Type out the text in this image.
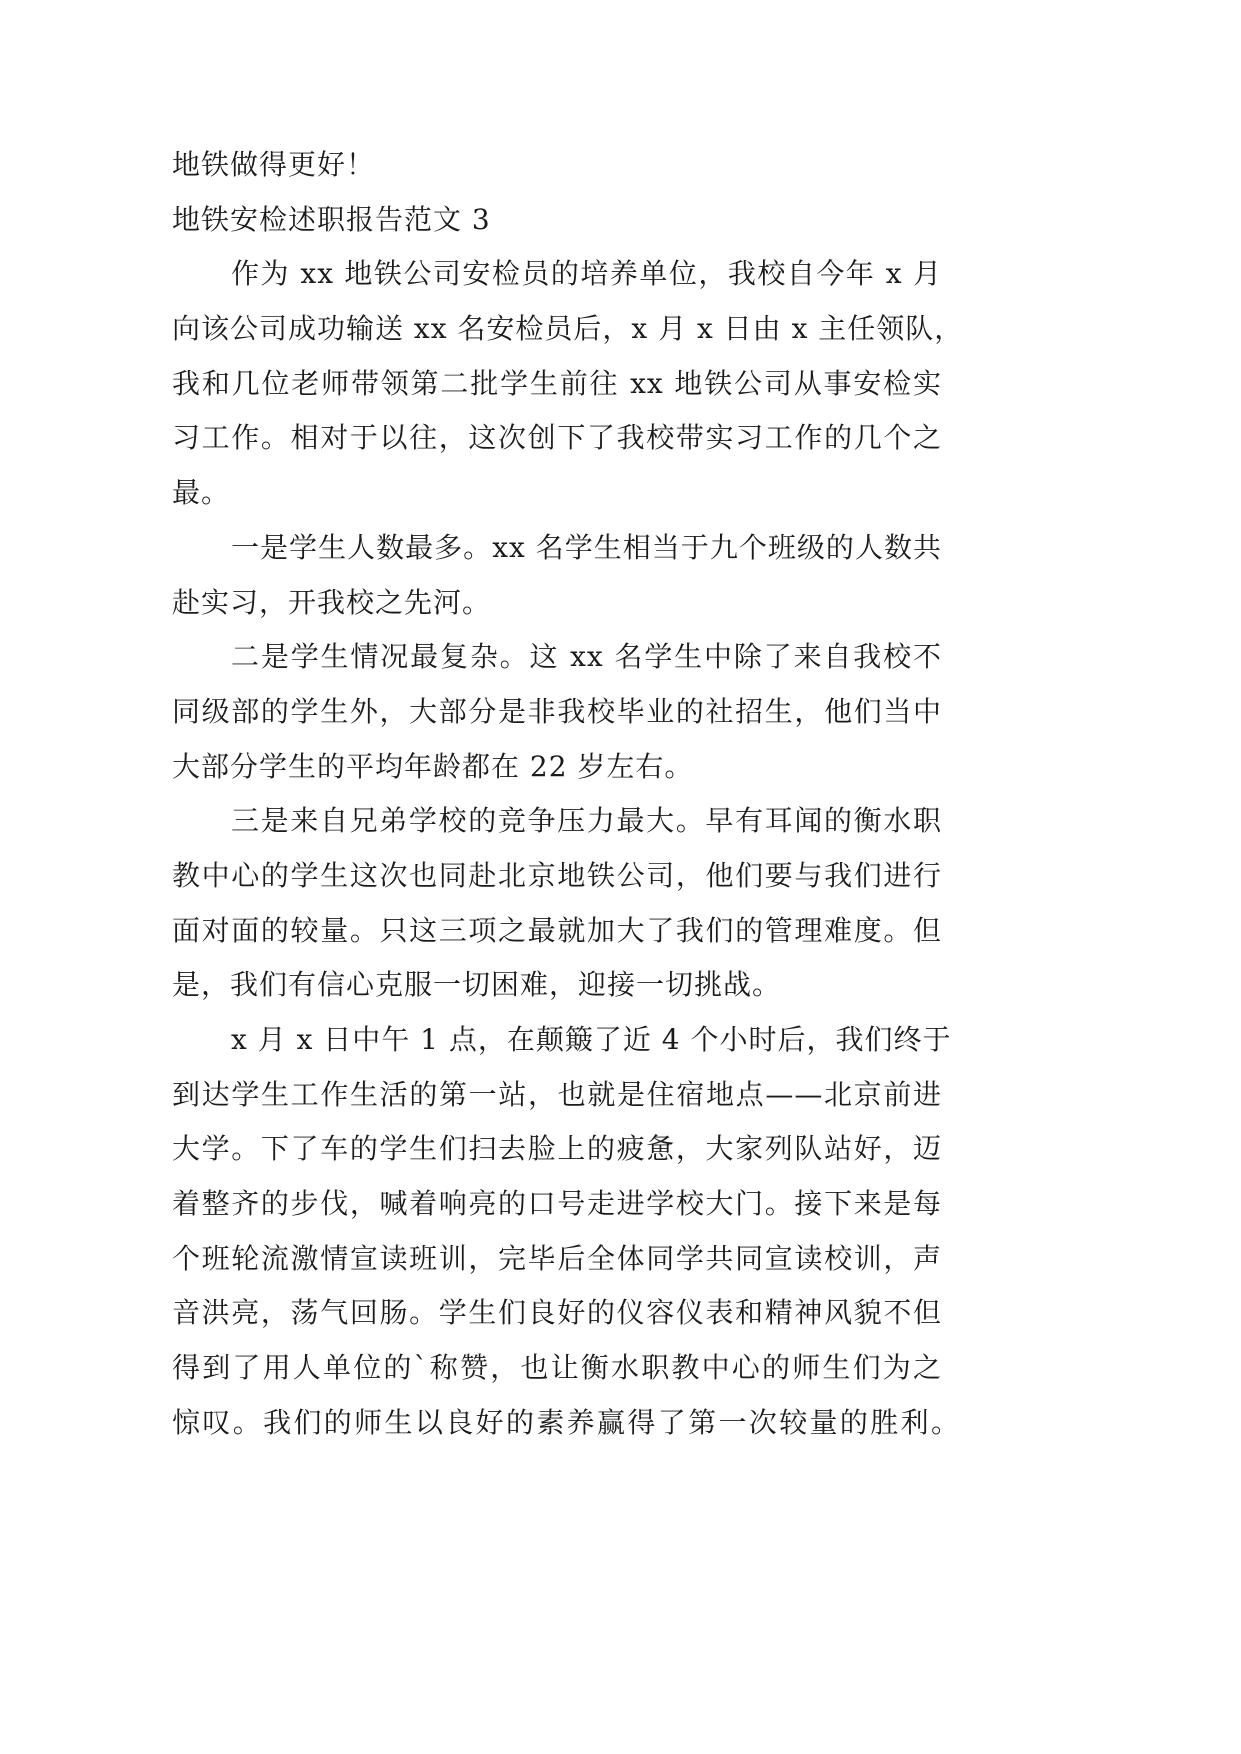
地铁做得更好！
地铁安检述职报告范文 3
作为 xx 地铁公司安检员的培养单位，我校自今年 x 月
向该公司成功输送 xx 名安检员后，x 月 x 日由 x 主任领队，
我和几位老师带领第二批学生前往 xx 地铁公司从事安检实
习工作。相对于以往，这次创下了我校带实习工作的几个之
最。
一是学生人数最多。xx 名学生相当于九个班级的人数共
赴实习，开我校之先河。
二是学生情况最复杂。这 xx 名学生中除了来自我校不
同级部的学生外，大部分是非我校毕业的社招生，他们当中
大部分学生的平均年龄都在 22 岁左右。
三是来自兄弟学校的竞争压力最大。早有耳闻的衡水职
教中心的学生这次也同赴北京地铁公司，他们要与我们进行
面对面的较量。只这三项之最就加大了我们的管理难度。但
是，我们有信心克服一切困难，迎接一切挑战。
x 月 x 日中午 1 点，在颠簸了近 4 个小时后，我们终于
到达学生工作生活的第一站，也就是住宿地点——北京前进
大学。下了车的学生们扫去脸上的疲惫，大家列队站好，迈
着整齐的步伐，喊着响亮的口号走进学校大门。接下来是每
个班轮流激情宣读班训，完毕后全体同学共同宣读校训，声
音洪亮，荡气回肠。学生们良好的仪容仪表和精神风貌不但
得到了用人单位的`称赞，也让衡水职教中心的师生们为之
惊叹。我们的师生以良好的素养赢得了第一次较量的胜利。
